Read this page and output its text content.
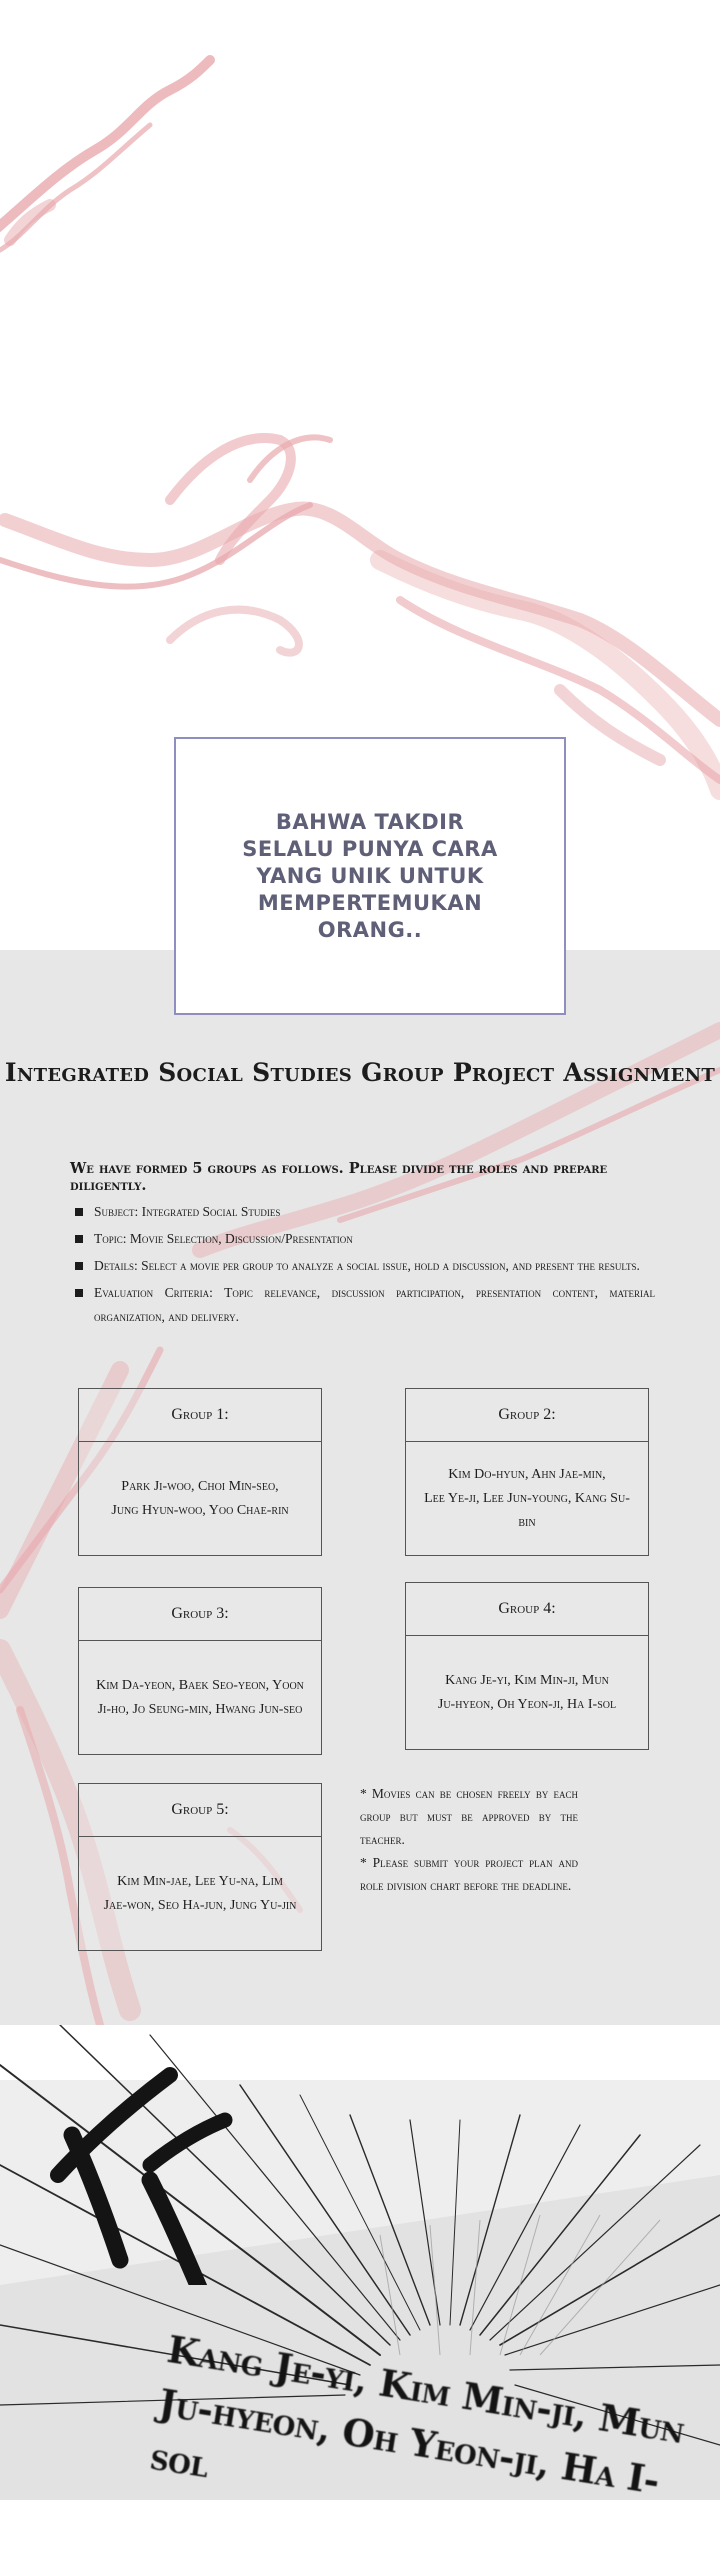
BAHWA TAKDIR
SELALU PUNYA CARA
YANG UNIK UNTUK
MEMPERTEMUKAN
ORANG..
Integrated Social Studies Group Project Assignment
We have formed 5 groups as follows. Please divide the roles and prepare diligently.
Subject: Integrated Social Studies
Topic: Movie Selection, Discussion/Presentation
Details: Select a movie per group to analyze a social issue, hold a discussion, and present the results.
Evaluation Criteria: Topic relevance, discussion participation, presentation content, material organization, and delivery.
Group 1:
Park Ji-woo, Choi Min-seo,
Jung Hyun-woo, Yoo Chae-rin
Group 2:
Kim Do-hyun, Ahn Jae-min,
Lee Ye-ji, Lee Jun-young, Kang Su-bin
Group 3:
Kim Da-yeon, Baek Seo-yeon, Yoon
Ji-ho, Jo Seung-min, Hwang Jun-seo
Group 4:
Kang Je-yi, Kim Min-ji, Mun
Ju-hyeon, Oh Yeon-ji, Ha I-sol
Group 5:
Kim Min-jae, Lee Yu-na, Lim
Jae-won, Seo Ha-jun, Jung Yu-jin

* Movies can be chosen freely by each group but must be approved by the teacher.

* Please submit your project plan and role division chart before the deadline.

Kang Je-yi, Kim Min-ji, Mun
Ju-hyeon, Oh Yeon-ji, Ha I-sol
